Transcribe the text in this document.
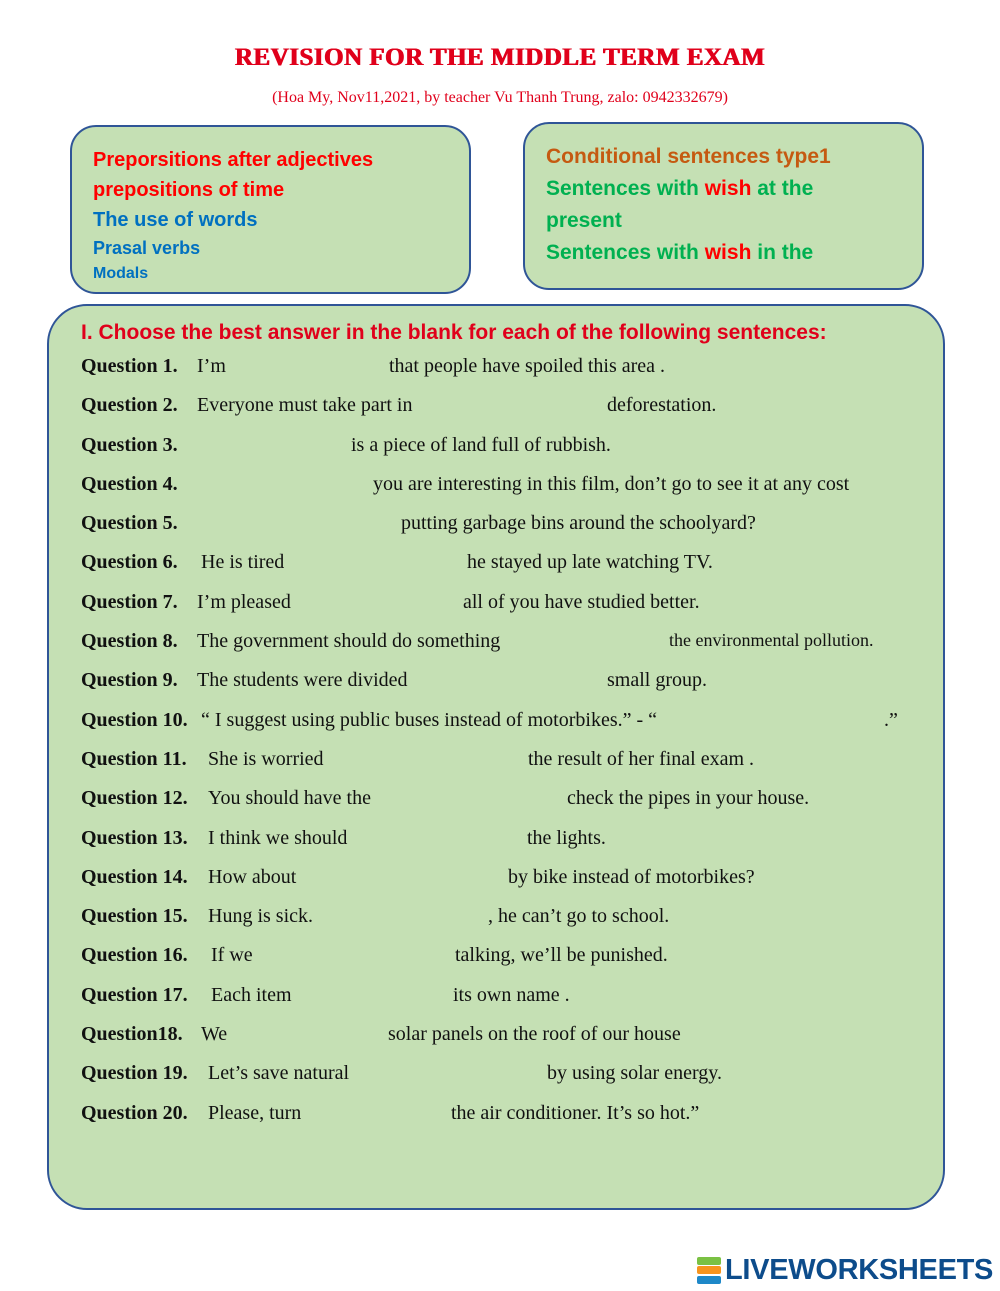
REVISION FOR THE MIDDLE TERM EXAM
(Hoa My, Nov11,2021, by teacher Vu Thanh Trung, zalo: 0942332679)
Preporsitions after adjectives
prepositions of time
The use of words
Prasal verbs
Modals
Conditional sentences type1
Sentences with wish at the
present
Sentences with wish in the
I. Choose the best answer in the blank for each of the following sentences:
Question 1. I’m	that people have spoiled this area .
Question 2. Everyone must take part in	deforestation.
Question 3.	is a piece of land full of rubbish.
Question 4.	you are interesting in this film, don’t go to see it at any cost
Question 5.	putting garbage bins around the schoolyard?
Question 6. He is tired	he stayed up late watching TV.
Question 7. I’m pleased	all of you have studied better.
Question 8. The government should do something	the environmental pollution.
Question 9. The students were divided	small group.
Question 10. “ I suggest using public buses instead of motorbikes.” - “	.”
Question 11. She is worried	the result of her final exam .
Question 12. You should have the	check the pipes in your house.
Question 13. I think we should	the lights.
Question 14. How about	by bike instead of motorbikes?
Question 15. Hung is sick.	, he can’t go to school.
Question 16. If we	talking, we’ll be punished.
Question 17. Each item	its own name .
Question18. We	solar panels on the roof of our house
Question 19. Let’s save natural	by using solar energy.
Question 20. Please, turn	the air conditioner. It’s so hot.”
LIVEWORKSHEETS
